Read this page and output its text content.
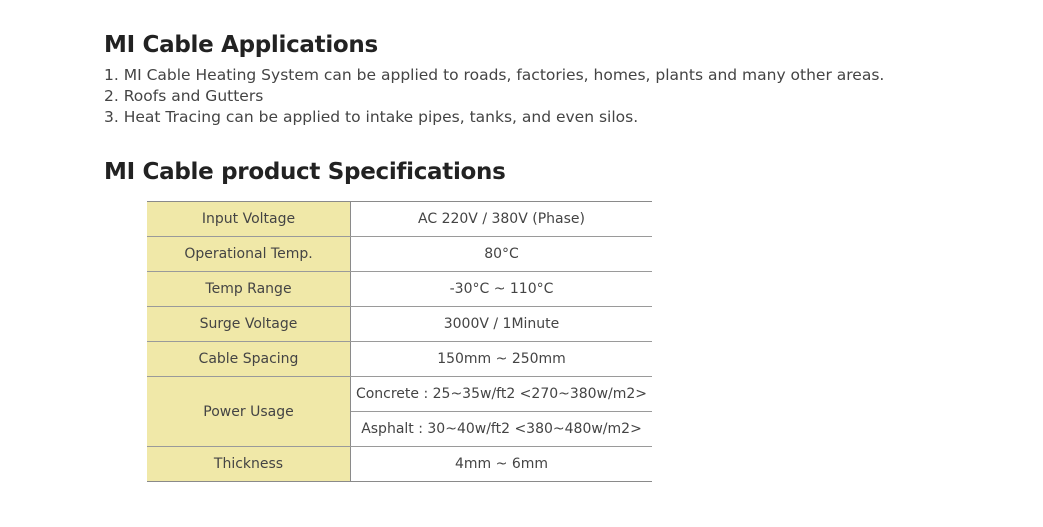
MI Cable Applications
1. MI Cable Heating System can be applied to roads, factories, homes, plants and many other areas.
2. Roofs and Gutters
3. Heat Tracing can be applied to intake pipes, tanks, and even silos.
MI Cable product Specifications
Input Voltage	AC 220V / 380V (Phase)
Operational Temp.	80°C
Temp Range	-30°C ~ 110°C
Surge Voltage	3000V / 1Minute
Cable Spacing	150mm ~ 250mm
Power Usage	Concrete : 25~35w/ft2 <270~380w/m2>
	Asphalt : 30~40w/ft2 <380~480w/m2>
Thickness	4mm ~ 6mm
